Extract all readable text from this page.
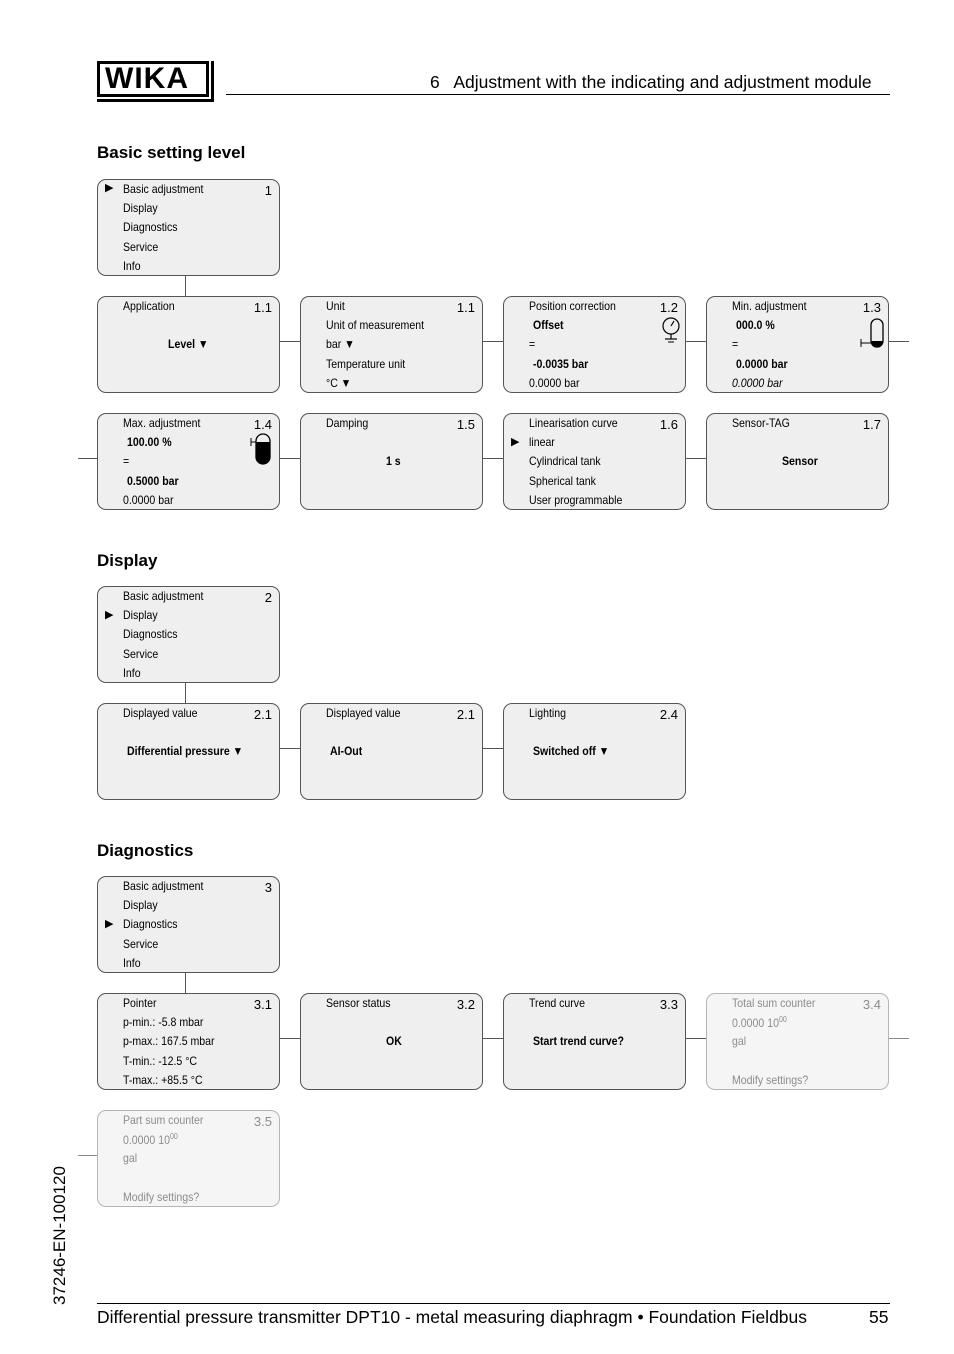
WIKA	6   Adjustment with the indicating and adjustment module
Basic setting level
▶	1
Basic adjustment
Display
Diagnostics
Service
Info
Application	1.1
Level ▼
Unit	1.1
Unit of measurement
bar ▼
Temperature unit
°C ▼
Position correction	1.2
Offset
=
-0.0035 bar
0.0000 bar
Min. adjustment	1.3
000.0 %
=
0.0000 bar
0.0000 bar
Max. adjustment	1.4
100.00 %
=
0.5000 bar
0.0000 bar
Damping	1.5
1 s
Linearisation curve	1.6
▶ linear
Cylindrical tank
Spherical tank
User programmable
Sensor-TAG	1.7
Sensor
Display
▶
2
Basic adjustment
Display
Diagnostics
Service
Info
Displayed value	2.1
Differential pressure ▼
Displayed value	2.1
AI-Out
Lighting	2.4
Switched off ▼
Diagnostics
▶
3
Basic adjustment
Display
Diagnostics
Service
Info
Pointer	3.1
p-min.: -5.8 mbar
p-max.: 167.5 mbar
T-min.: -12.5 °C
T-max.: +85.5 °C
Sensor status	3.2
OK
Trend curve	3.3
Start trend curve?
Total sum counter	3.4
0.0000 $10^{00}$
gal
Modify settings?
Part sum counter	3.5
0.0000 $10^{00}$
gal
Modify settings?
37246-EN-100120
Differential pressure transmitter DPT10 - metal measuring diaphragm • Foundation Fieldbus	55
